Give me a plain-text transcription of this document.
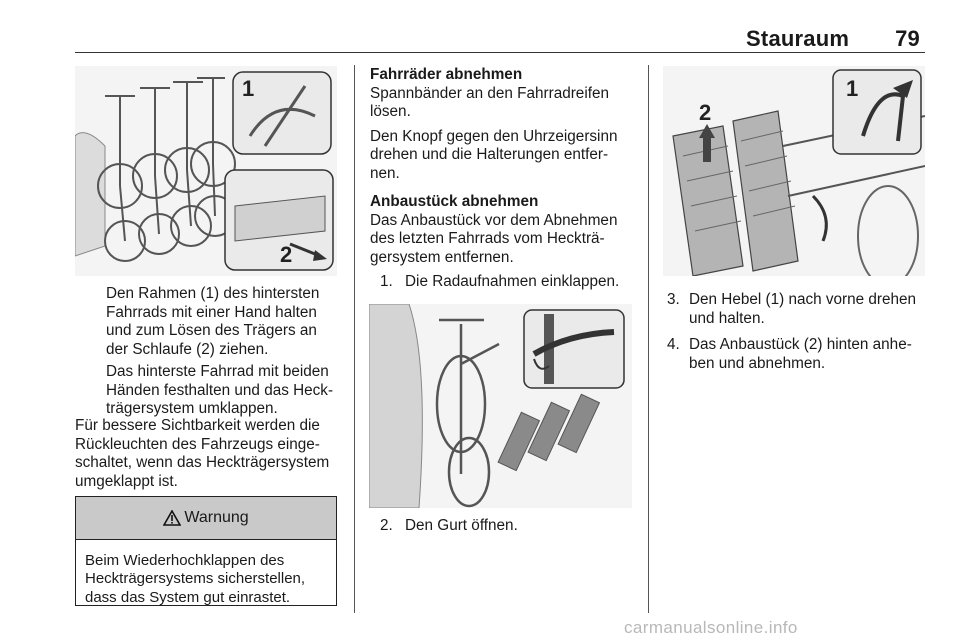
Stauraum 79
1
2

Den Rahmen (1) des hintersten

Fahrrads mit einer Hand halten

und zum Lösen des Trägers an

der Schlaufe (2) ziehen.

Das hinterste Fahrrad mit beiden

Händen festhalten und das Heck-

trägersystem umklappen.

Für bessere Sichtbarkeit werden die

Rückleuchten des Fahrzeugs einge-

schaltet, wenn das Heckträgersystem

umgeklappt ist.

Warnung
Beim Wiederhochklappen des
Heckträgersystems sicherstellen,
dass das System gut einrastet.

Fahrräder abnehmen

Spannbänder an den Fahrradreifen

lösen.

Den Knopf gegen den Uhrzeigersinn

drehen und die Halterungen entfer-

nen.

Anbaustück abnehmen

Das Anbaustück vor dem Abnehmen

des letzten Fahrrads vom Heckträ-

gersystem entfernen.

1. Die Radaufnahmen einklappen.
2. Den Gurt öffnen.
2
1
3. Den Hebel (1) nach vorne drehen
und halten.
4. Das Anbaustück (2) hinten anhe-
ben und abnehmen.
carmanualsonline.info
